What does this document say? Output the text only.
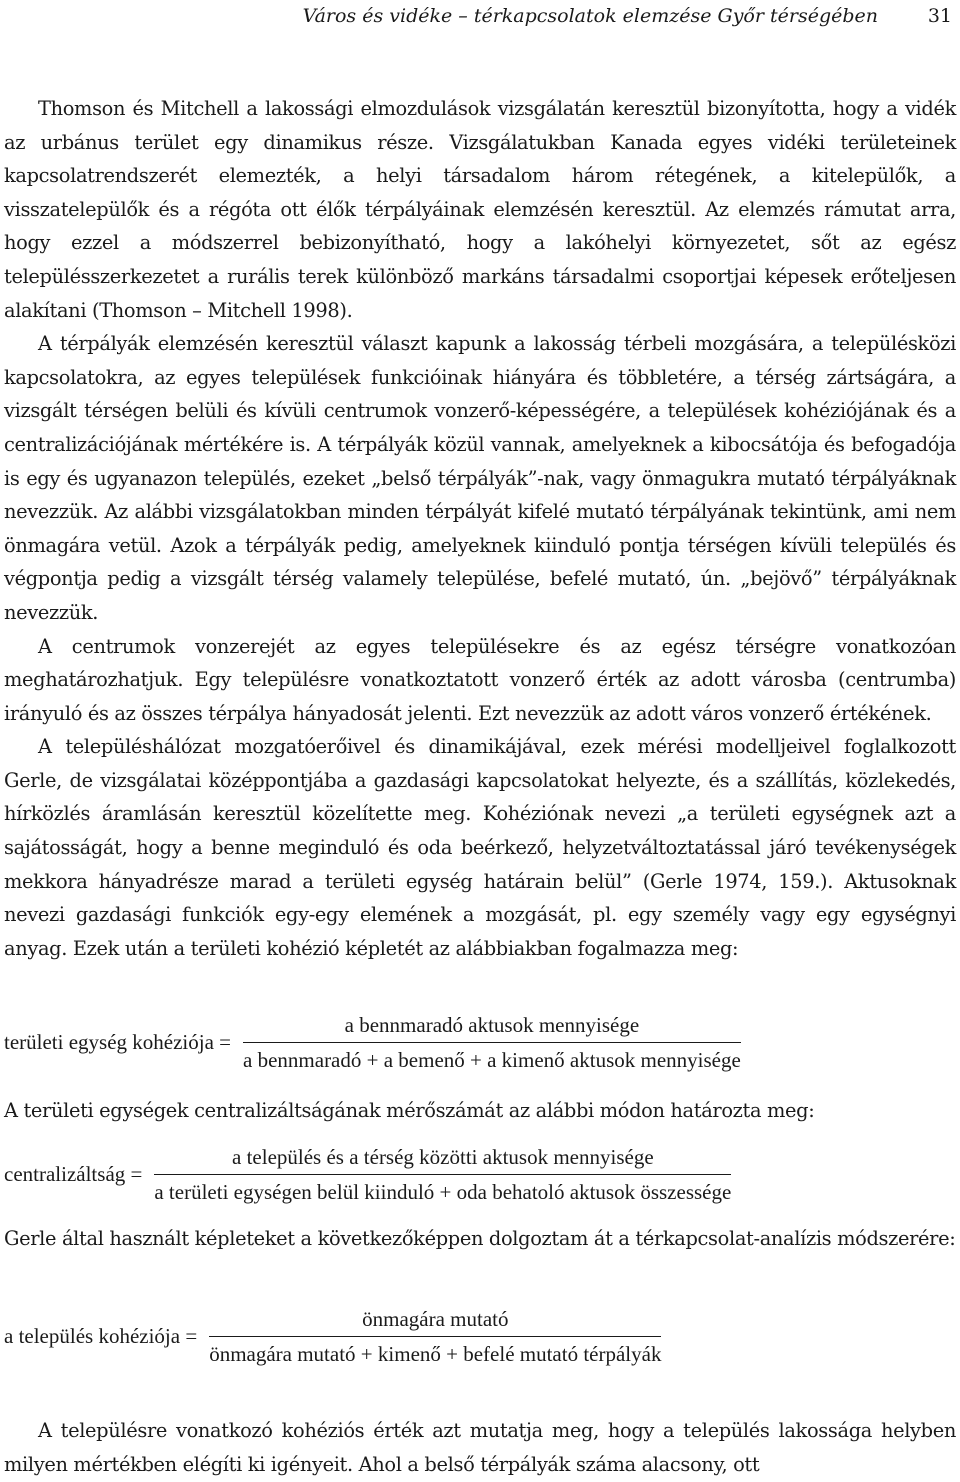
Város és vidéke – térkapcsolatok elemzése Győr térségében	31

Thomson és Mitchell a lakossági elmozdulások vizsgálatán keresztül bizonyította, hogy a vidék az urbánus terület egy dinamikus része. Vizsgálatukban Kanada egyes vidéki területeinek kapcsolatrendszerét elemezték, a helyi társadalom három rétegének, a kitelepülők, a visszatelepülők és a régóta ott élők térpályáinak elemzésén keresztül. Az elemzés rámutat arra, hogy ezzel a módszerrel bebizonyítható, hogy a lakóhelyi környezetet, sőt az egész településszerkezetet a rurális terek különböző markáns társadalmi csoportjai képesek erőteljesen alakítani (Thomson – Mitchell 1998).

A térpályák elemzésén keresztül választ kapunk a lakosság térbeli mozgására, a településközi kapcsolatokra, az egyes települések funkcióinak hiányára és többletére, a térség zártságára, a vizsgált térségen belüli és kívüli centrumok vonzerő-képességére, a települések kohéziójának és a centralizációjának mértékére is. A térpályák közül vannak, amelyeknek a kibocsátója és befogadója is egy és ugyanazon település, ezeket „belső térpályák”-nak, vagy önmagukra mutató térpályáknak nevezzük. Az alábbi vizsgálatokban minden térpályát kifelé mutató térpályának tekintünk, ami nem önmagára vetül. Azok a térpályák pedig, amelyeknek kiinduló pontja térségen kívüli település és végpontja pedig a vizsgált térség valamely települése, befelé mutató, ún. „bejövő” térpályáknak nevezzük.

A centrumok vonzerejét az egyes településekre és az egész térségre vonatkozóan meghatározhatjuk. Egy településre vonatkoztatott vonzerő érték az adott városba (centrumba) irányuló és az összes térpálya hányadosát jelenti. Ezt nevezzük az adott város vonzerő értékének.

A településhálózat mozgatóerőivel és dinamikájával, ezek mérési modelljeivel foglalkozott Gerle, de vizsgálatai középpontjába a gazdasági kapcsolatokat helyezte, és a szállítás, közlekedés, hírközlés áramlásán keresztül közelítette meg. Kohéziónak nevezi „a területi egységnek azt a sajátosságát, hogy a benne meginduló és oda beérkező, helyzetváltoztatással járó tevékenységek mekkora hányadrésze marad a területi egység határain belül” (Gerle 1974, 159.). Aktusoknak nevezi gazdasági funkciók egy-egy elemének a mozgását, pl. egy személy vagy egy egységnyi anyag. Ezek után a területi kohézió képletét az alábbiakban fogalmazza meg:

területi egység kohéziója = $\frac{\text{a bennmaradó aktusok mennyisége}}{\text{a bennmaradó + a bemenő + a kimenő aktusok mennyisége}}$

A területi egységek centralizáltságának mérőszámát az alábbi módon határozta meg:

centralizáltság =
a település és a térség közötti aktusok mennyisége
a területi egységen belül kiinduló + oda behatoló aktusok összessége

Gerle által használt képleteket a következőképpen dolgoztam át a térkapcsolat-analízis módszerére:

a település kohéziója = $\frac{\text{önmagára mutató}}{\text{önmagára mutató + kimenő + befelé mutató térpályák}}$

A településre vonatkozó kohéziós érték azt mutatja meg, hogy a település lakossága helyben milyen mértékben elégíti ki igényeit. Ahol a belső térpályák száma alacsony, ott
